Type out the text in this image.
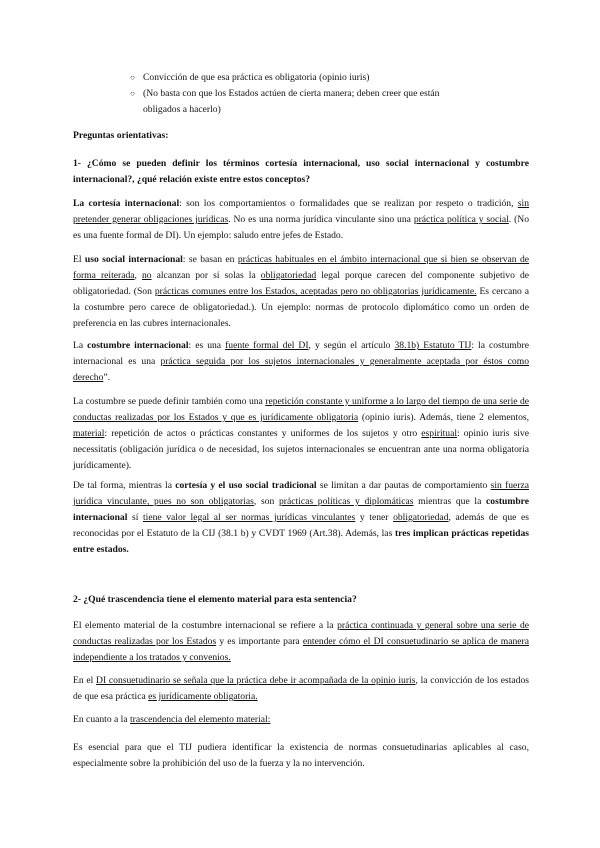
○ Convicción de que esa práctica es obligatoria (opinio iuris)
○ (No basta con que los Estados actúen de cierta manera; deben creer que están obligados a hacerlo)
Preguntas orientativas:
1- ¿Cómo se pueden definir los términos cortesía internacional, uso social internacional y costumbre internacional?, ¿qué relación existe entre estos conceptos?
La cortesía internacional: son los comportamientos o formalidades que se realizan por respeto o tradición, sin pretender generar obligaciones jurídicas. No es una norma jurídica vinculante sino una práctica política y social. (No es una fuente formal de DI). Un ejemplo: saludo entre jefes de Estado.
El uso social internacional: se basan en prácticas habituales en el ámbito internacional que si bien se observan de forma reiterada, no alcanzan por sí solas la obligatoriedad legal porque carecen del componente subjetivo de obligatoriedad. (Son prácticas comunes entre los Estados, aceptadas pero no obligatorias jurídicamente. Es cercano a la costumbre pero carece de obligatoriedad.). Un ejemplo: normas de protocolo diplomático como un orden de preferencia en las cubres internacionales.
La costumbre internacional: es una fuente formal del DI, y según el artículo 38.1b) Estatuto TIJ: la costumbre internacional es una práctica seguida por los sujetos internacionales y generalmente aceptada por éstos como derecho”.
La costumbre se puede definir también como una repetición constante y uniforme a lo largo del tiempo de una serie de conductas realizadas por los Estados y que es jurídicamente obligatoria (opinio iuris). Además, tiene 2 elementos, material: repetición de actos o prácticas constantes y uniformes de los sujetos y otro espiritual: opinio iuris sive necessitatis (obligación jurídica o de necesidad, los sujetos internacionales se encuentran ante una norma obligatoria jurídicamente).
De tal forma, mientras la cortesía y el uso social tradicional se limitan a dar pautas de comportamiento sin fuerza jurídica vinculante, pues no son obligatorias, son prácticas políticas y diplomáticas mientras que la costumbre internacional sí tiene valor legal al ser normas jurídicas vinculantes y tener obligatoriedad, además de que es reconocidas por el Estatuto de la CIJ (38.1 b) y CVDT 1969 (Art.38). Además, las tres implican prácticas repetidas entre estados.
2- ¿Qué trascendencia tiene el elemento material para esta sentencia?
El elemento material de la costumbre internacional se refiere a la práctica continuada y general sobre una serie de conductas realizadas por los Estados y es importante para entender cómo el DI consuetudinario se aplica de manera independiente a los tratados y convenios.
En el DI consuetudinario se señala que la práctica debe ir acompañada de la opinio iuris, la convicción de los estados de que esa práctica es jurídicamente obligatoria.
En cuanto a la trascendencia del elemento material:
Es esencial para que el TIJ pudiera identificar la existencia de normas consuetudinarias aplicables al caso, especialmente sobre la prohibición del uso de la fuerza y la no intervención.
